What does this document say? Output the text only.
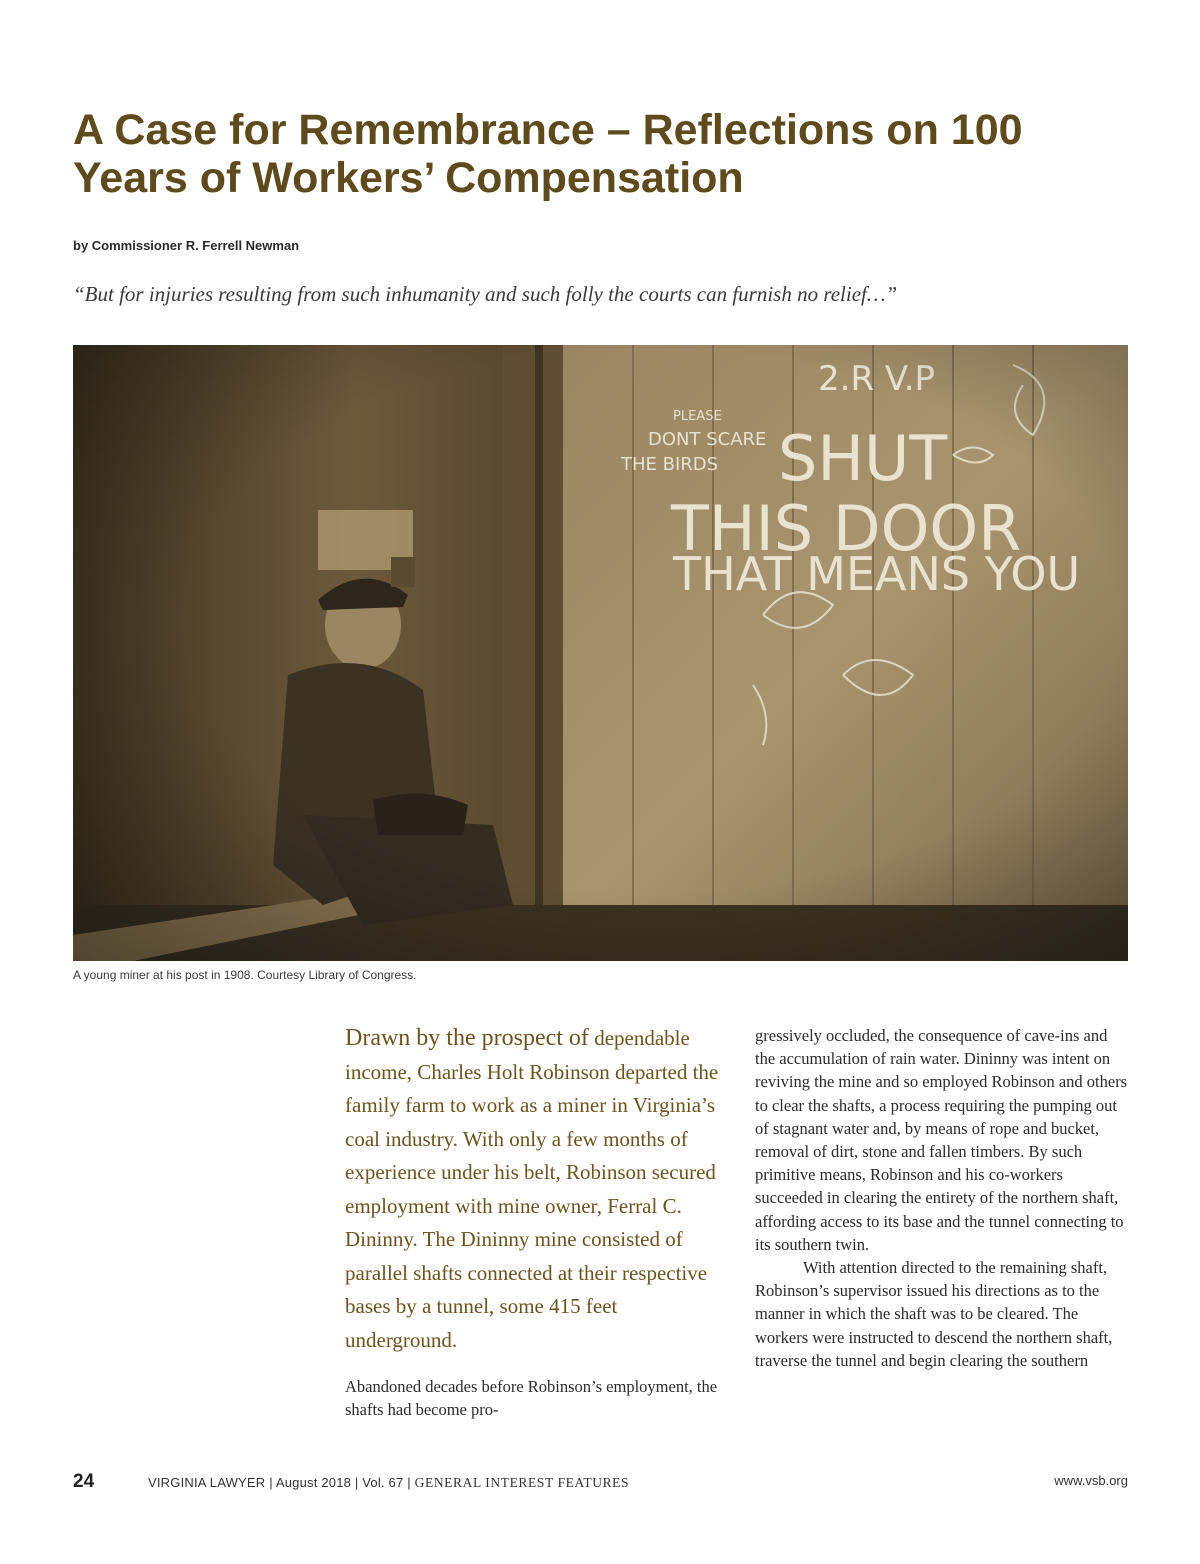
A Case for Remembrance – Reflections on 100
Years of Workers’ Compensation
by Commissioner R. Ferrell Newman
“But for injuries resulting from such inhumanity and such folly the courts can furnish no relief…”
A young miner at his post in 1908. Courtesy Library of Congress.

Drawn by the prospect of dependable income, Charles Holt Robinson departed the family farm to work as a miner in Virginia’s coal industry. With only a few months of experience under his belt, Robinson secured employment with mine owner, Ferral C. Dininny. The Dininny mine consisted of parallel shafts connected at their respective bases by a tunnel, some 415 feet underground.

Abandoned decades before Robinson’s employment, the shafts had become pro-

gressively occluded, the consequence of cave-ins and the accumulation of rain water. Dininny was intent on reviving the mine and so employed Robinson and others to clear the shafts, a process requiring the pumping out of stagnant water and, by means of rope and bucket, removal of dirt, stone and fallen timbers. By such primitive means, Robinson and his co-workers succeeded in clearing the entirety of the northern shaft, affording access to its base and the tunnel connecting to its southern twin.

With attention directed to the remaining shaft, Robinson’s supervisor issued his directions as to the manner in which the shaft was to be cleared. The workers were instructed to descend the northern shaft, traverse the tunnel and begin clearing the southern

24	VIRGINIA LAWYER | August 2018 | Vol. 67 | GENERAL INTEREST FEATURES	www.vsb.org
